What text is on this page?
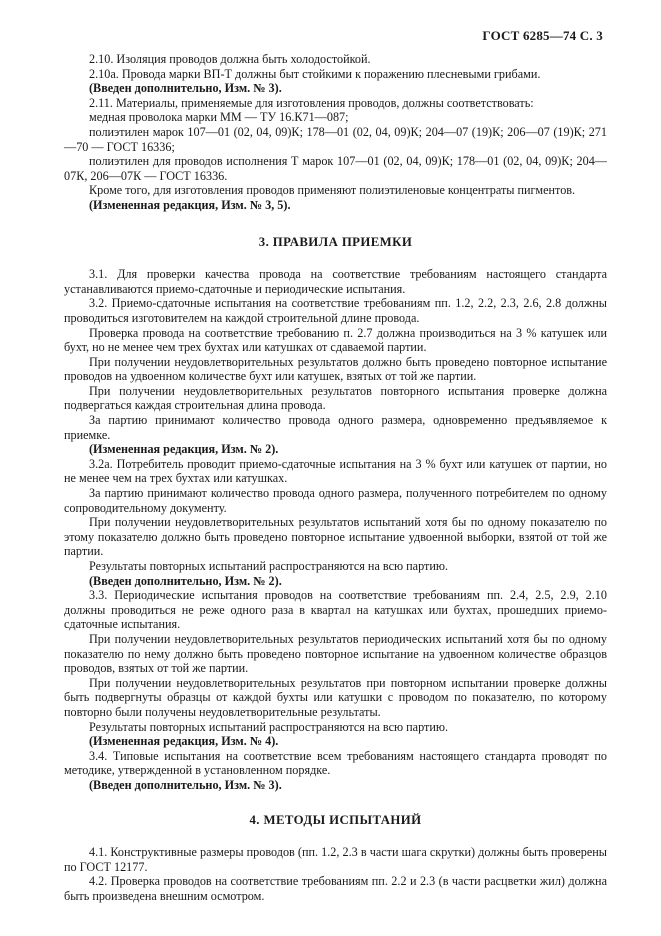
ГОСТ 6285—74 С. 3

2.10. Изоляция проводов должна быть холодостойкой.

2.10а. Провода марки ВП-Т должны быт стойкими к поражению плесневыми грибами.

(Введен дополнительно, Изм. № 3).

2.11. Материалы, применяемые для изготовления проводов, должны соответствовать:

медная проволока марки ММ — ТУ 16.К71—087;

полиэтилен марок 107—01 (02, 04, 09)К; 178—01 (02, 04, 09)К; 204—07 (19)К; 206—07 (19)К; 271—70 — ГОСТ 16336;

полиэтилен для проводов исполнения Т марок 107—01 (02, 04, 09)К; 178—01 (02, 04, 09)К; 204—07К, 206—07К — ГОСТ 16336.

Кроме того, для изготовления проводов применяют полиэтиленовые концентраты пигментов.

(Измененная редакция, Изм. № 3, 5).

3. ПРАВИЛА ПРИЕМКИ

3.1. Для проверки качества провода на соответствие требованиям настоящего стандарта устанавливаются приемо-сдаточные и периодические испытания.

3.2. Приемо-сдаточные испытания на соответствие требованиям пп. 1.2, 2.2, 2.3, 2.6, 2.8 должны проводиться изготовителем на каждой строительной длине провода.

Проверка провода на соответствие требованию п. 2.7 должна производиться на 3 % катушек или бухт, но не менее чем трех бухтах или катушках от сдаваемой партии.

При получении неудовлетворительных результатов должно быть проведено повторное испытание проводов на удвоенном количестве бухт или катушек, взятых от той же партии.

При получении неудовлетворительных результатов повторного испытания проверке должна подвергаться каждая строительная длина провода.

За партию принимают количество провода одного размера, одновременно предъявляемое к приемке.

(Измененная редакция, Изм. № 2).

3.2а. Потребитель проводит приемо-сдаточные испытания на 3 % бухт или катушек от партии, но не менее чем на трех бухтах или катушках.

За партию принимают количество провода одного размера, полученного потребителем по одному сопроводительному документу.

При получении неудовлетворительных результатов испытаний хотя бы по одному показателю по этому показателю должно быть проведено повторное испытание удвоенной выборки, взятой от той же партии.

Результаты повторных испытаний распространяются на всю партию.

(Введен дополнительно, Изм. № 2).

3.3. Периодические испытания проводов на соответствие требованиям пп. 2.4, 2.5, 2.9, 2.10 должны проводиться не реже одного раза в квартал на катушках или бухтах, прошедших приемо-сдаточные испытания.

При получении неудовлетворительных результатов периодических испытаний хотя бы по одному показателю по нему должно быть проведено повторное испытание на удвоенном количестве образцов проводов, взятых от той же партии.

При получении неудовлетворительных результатов при повторном испытании проверке должны быть подвергнуты образцы от каждой бухты или катушки с проводом по показателю, по которому повторно были получены неудовлетворительные результаты.

Результаты повторных испытаний распространяются на всю партию.

(Измененная редакция, Изм. № 4).

3.4. Типовые испытания на соответствие всем требованиям настоящего стандарта проводят по методике, утвержденной в установленном порядке.

(Введен дополнительно, Изм. № 3).

4. МЕТОДЫ ИСПЫТАНИЙ

4.1. Конструктивные размеры проводов (пп. 1.2, 2.3 в части шага скрутки) должны быть проверены по ГОСТ 12177.

4.2. Проверка проводов на соответствие требованиям пп. 2.2 и 2.3 (в части расцветки жил) должна быть произведена внешним осмотром.
